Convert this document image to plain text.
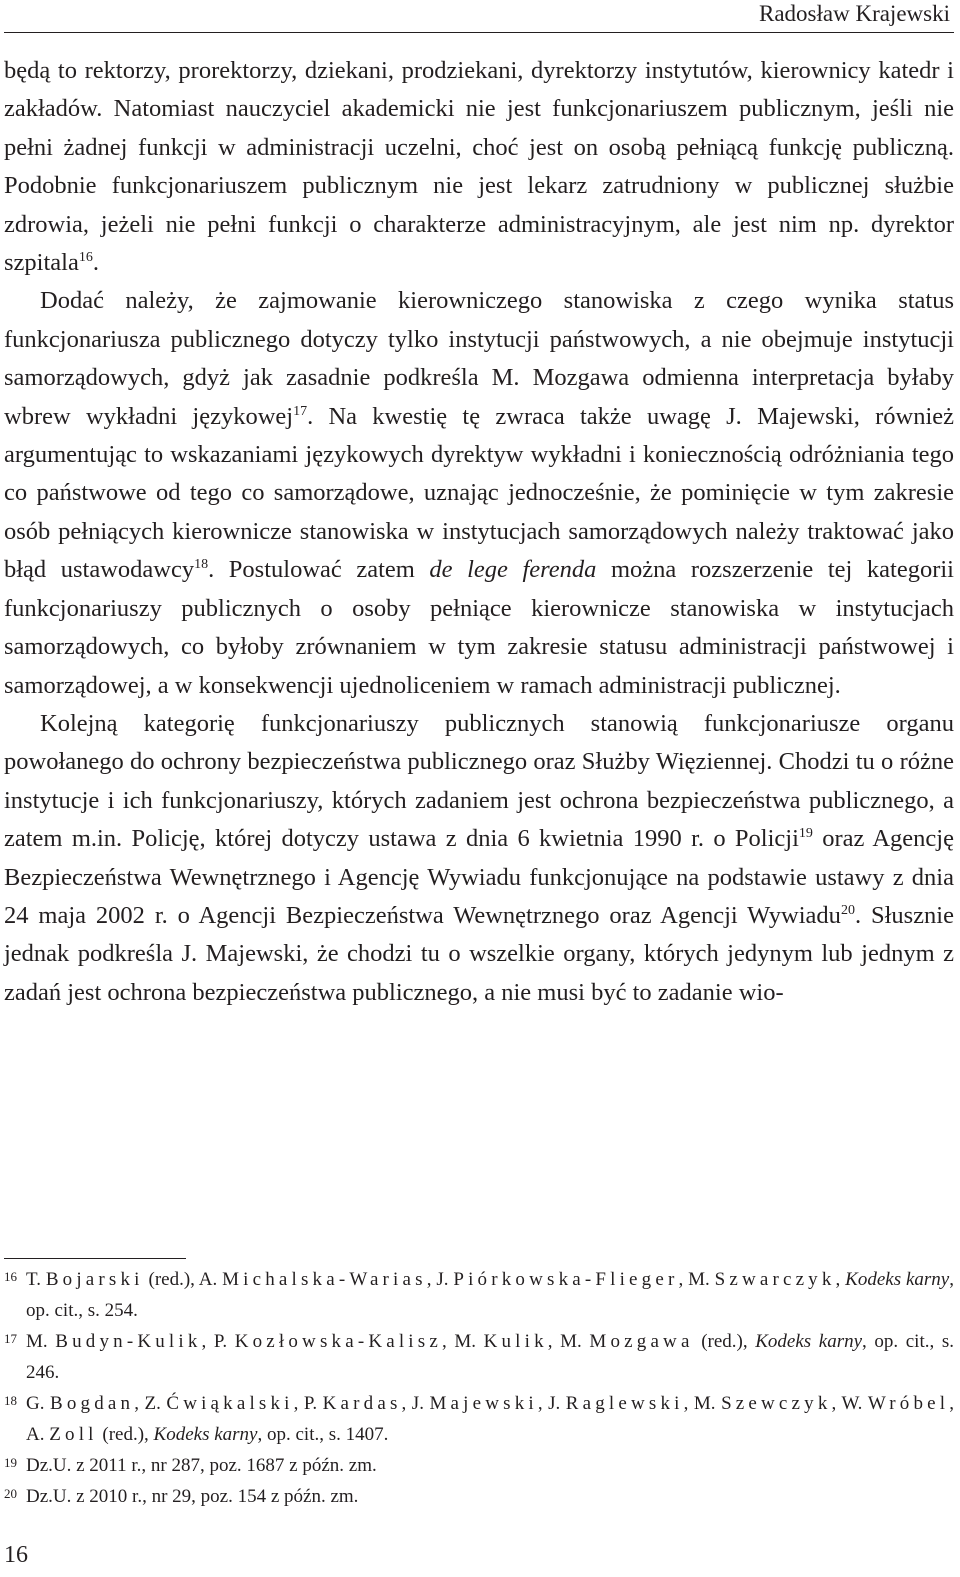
Radosław Krajewski

będą to rektorzy, prorektorzy, dziekani, prodziekani, dyrektorzy instytutów, kierownicy katedr i zakładów. Natomiast nauczyciel akademicki nie jest funkcjonariuszem publicznym, jeśli nie pełni żadnej funkcji w administracji uczelni, choć jest on osobą pełniącą funkcję publiczną. Podobnie funkcjonariuszem publicznym nie jest lekarz zatrudniony w publicznej służbie zdrowia, jeżeli nie pełni funkcji o charakterze administracyjnym, ale jest nim np. dyrektor szpitala$^{16}$.

Dodać należy, że zajmowanie kierowniczego stanowiska z czego wynika status funkcjonariusza publicznego dotyczy tylko instytucji państwowych, a nie obejmuje instytucji samorządowych, gdyż jak zasadnie podkreśla M. Mozgawa odmienna interpretacja byłaby wbrew wykładni językowej$^{17}$. Na kwestię tę zwraca także uwagę J. Majewski, również argumentując to wskazaniami językowych dyrektyw wykładni i koniecznością odróżniania tego co państwowe od tego co samorządowe, uznając jednocześnie, że pominięcie w tym zakresie osób pełniących kierownicze stanowiska w instytucjach samorządowych należy traktować jako błąd ustawodawcy$^{18}$. Postulować zatem de lege ferenda można rozszerzenie tej kategorii funkcjonariuszy publicznych o osoby pełniące kierownicze stanowiska w instytucjach samorządowych, co byłoby zrównaniem w tym zakresie statusu administracji państwowej i samorządowej, a w konsekwencji ujednoliceniem w ramach administracji publicznej.

Kolejną kategorię funkcjonariuszy publicznych stanowią funkcjonariusze organu powołanego do ochrony bezpieczeństwa publicznego oraz Służby Więziennej. Chodzi tu o różne instytucje i ich funkcjonariuszy, których zadaniem jest ochrona bezpieczeństwa publicznego, a zatem m.in. Policję, której dotyczy ustawa z dnia 6 kwietnia 1990 r. o Policji$^{19}$ oraz Agencję Bezpieczeństwa Wewnętrznego i Agencję Wywiadu funkcjonujące na podstawie ustawy z dnia 24 maja 2002 r. o Agencji Bezpieczeństwa Wewnętrznego oraz Agencji Wywiadu$^{20}$. Słusznie jednak podkreśla J. Majewski, że chodzi tu o wszelkie organy, których jedynym lub jednym z zadań jest ochrona bezpieczeństwa publicznego, a nie musi być to zadanie wio-

16 T. Bojarski (red.), A. Michalska-Warias, J. Piórkowska-Flieger, M. Szwarczyk, Kodeks karny, op. cit., s. 254.

17 M. Budyn-Kulik, P. Kozłowska-Kalisz, M. Kulik, M. Mozgawa (red.), Kodeks karny, op. cit., s. 246.

18 G. Bogdan, Z. Ćwiąkalski, P. Kardas, J. Majewski, J. Raglewski, M. Szewczyk, W. Wróbel, A. Zoll (red.), Kodeks karny, op. cit., s. 1407.

19 Dz.U. z 2011 r., nr 287, poz. 1687 z późn. zm.

20 Dz.U. z 2010 r., nr 29, poz. 154 z późn. zm.

16
